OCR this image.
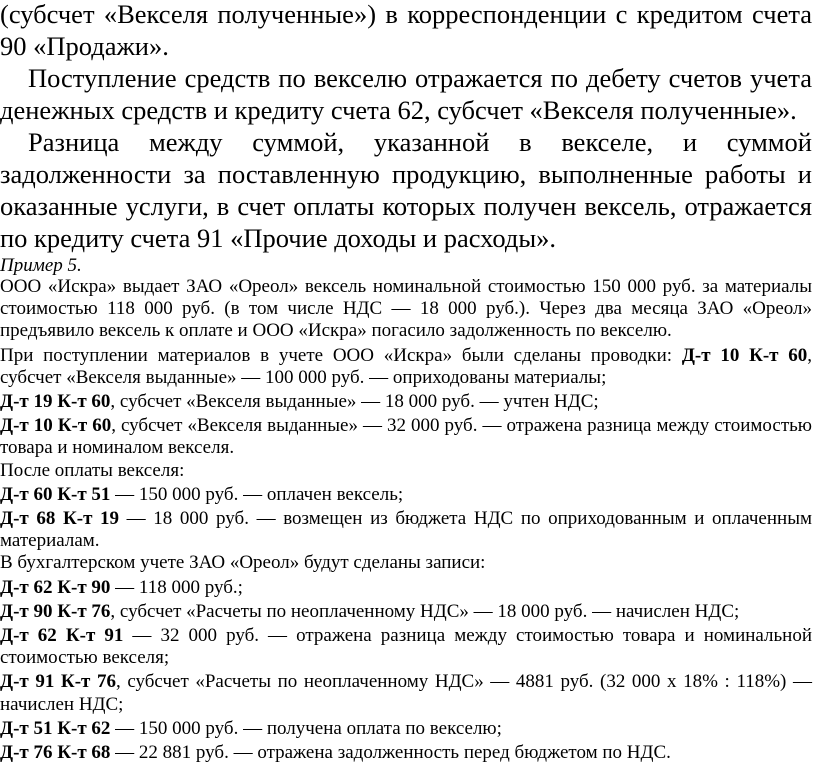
(субсчет «Векселя полученные») в корреспонденции с кредитом счета 90 «Продажи».

Поступление средств по векселю отражается по дебету счетов учета денежных средств и кредиту счета 62, субсчет «Векселя полученные».

Разница между суммой, указанной в векселе, и суммой задолженности за поставленную продукцию, выполненные работы и оказанные услуги, в счет оплаты которых получен вексель, отражается по кредиту счета 91 «Прочие доходы и расходы».

Пример 5.

ООО «Искра» выдает ЗАО «Ореол» вексель номинальной стоимостью 150 000 руб. за материалы стоимостью 118 000 руб. (в том числе НДС — 18 000 руб.). Через два месяца ЗАО «Ореол» предъявило вексель к оплате и ООО «Искра» погасило задолженность по векселю.

При поступлении материалов в учете ООО «Искра» были сделаны проводки: Д-т 10 К-т 60, субсчет «Векселя выданные» — 100 000 руб. — оприходованы материалы;

Д-т 19 К-т 60, субсчет «Векселя выданные» — 18 000 руб. — учтен НДС;

Д-т 10 К-т 60, субсчет «Векселя выданные» — 32 000 руб. — отражена разница между стоимостью товара и номиналом векселя.

После оплаты векселя:

Д-т 60 К-т 51 — 150 000 руб. — оплачен вексель;

Д-т 68 К-т 19 — 18 000 руб. — возмещен из бюджета НДС по оприходованным и оплаченным материалам.

В бухгалтерском учете ЗАО «Ореол» будут сделаны записи:

Д-т 62 К-т 90 — 118 000 руб.;

Д-т 90 К-т 76, субсчет «Расчеты по неоплаченному НДС» — 18 000 руб. — начислен НДС;

Д-т 62 К-т 91 — 32 000 руб. — отражена разница между стоимостью товара и номинальной стоимостью векселя;

Д-т 91 К-т 76, субсчет «Расчеты по неоплаченному НДС» — 4881 руб. (32 000 х 18% : 118%) — начислен НДС;

Д-т 51 К-т 62 — 150 000 руб. — получена оплата по векселю;

Д-т 76 К-т 68 — 22 881 руб. — отражена задолженность перед бюджетом по НДС.
